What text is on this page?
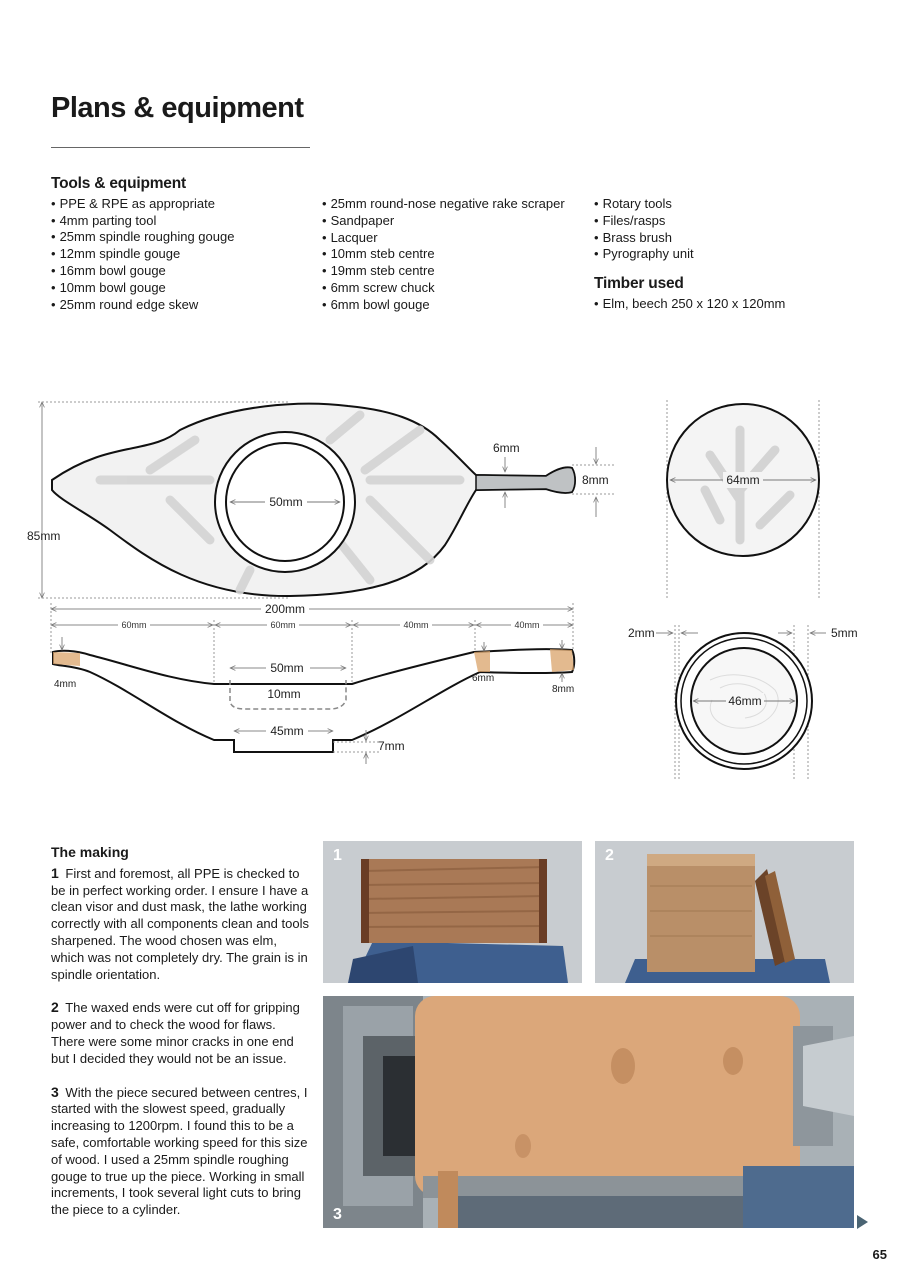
Plans & equipment
Tools & equipment
• PPE & RPE as appropriate
• 4mm parting tool
• 25mm spindle roughing gouge
• 12mm spindle gouge
• 16mm bowl gouge
• 10mm bowl gouge
• 25mm round edge skew
• 25mm round-nose negative rake scraper
• Sandpaper
• Lacquer
• 10mm steb centre
• 19mm steb centre
• 6mm screw chuck
• 6mm bowl gouge
• Rotary tools
• Files/rasps
• Brass brush
• Pyrography unit
Timber used
• Elm, beech 250 x 120 x 120mm
50mm
85mm
6mm
8mm	64mm
200mm
60mm	60mm	40mm	40mm
50mm
10mm
45mm
7mm
4mm
6mm
8mm
46mm
2mm	5mm
The making

1 First and foremost, all PPE is checked to be in perfect working order. I ensure I have a clean visor and dust mask, the lathe working correctly with all components clean and tools sharpened. The wood chosen was elm, which was not completely dry. The grain is in spindle orientation.

2 The waxed ends were cut off for gripping power and to check the wood for flaws. There were some minor cracks in one end but I decided they would not be an issue.

3 With the piece secured between centres, I started with the slowest speed, gradually increasing to 1200rpm. I found this to be a safe, comfortable working speed for this size of wood. I used a 25mm spindle roughing gouge to true up the piece. Working in small increments, I took several light cuts to bring the piece to a cylinder.

1	2
3
65
